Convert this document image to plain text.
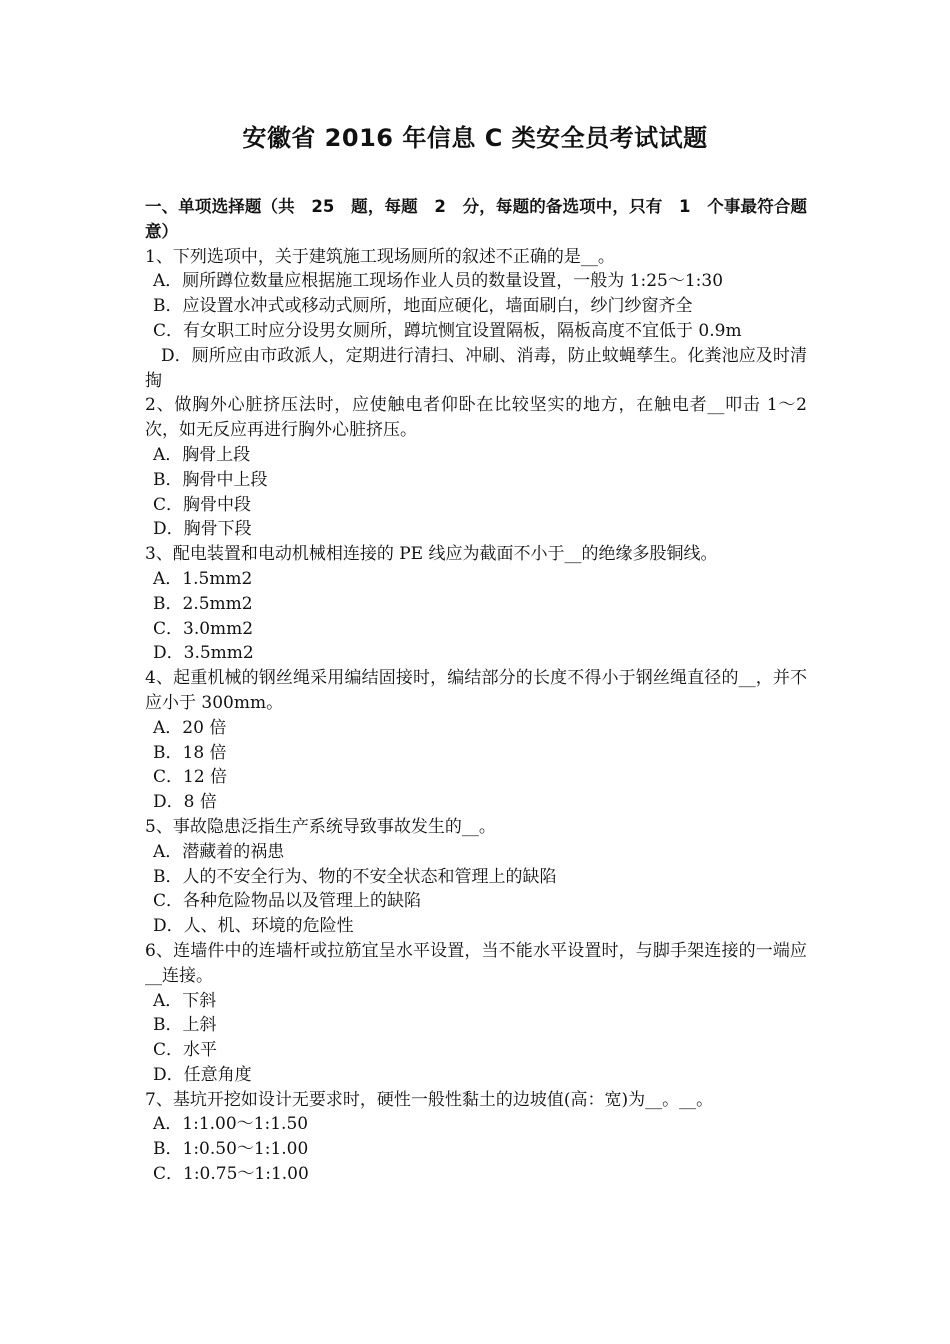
安徽省 2016 年信息 C 类安全员考试试题
一、单项选择题（共　25　题，每题　2　分，每题的备选项中，只有　1　个事最符合题意）

1、下列选项中，关于建筑施工现场厕所的叙述不正确的是__。

A．厕所蹲位数量应根据施工现场作业人员的数量设置，一般为 1:25～1:30

B．应设置水冲式或移动式厕所，地面应硬化，墙面刷白，纱门纱窗齐全

C．有女职工时应分设男女厕所，蹲坑恻宜设置隔板，隔板高度不宜低于 0.9m

D．厕所应由市政派人，定期进行清扫、冲刷、消毒，防止蚊蝇孳生。化粪池应及时清掏

2、做胸外心脏挤压法时，应使触电者仰卧在比较坚实的地方，在触电者__叩击 1～2 次，如无反应再进行胸外心脏挤压。

A．胸骨上段

B．胸骨中上段

C．胸骨中段

D．胸骨下段

3、配电装置和电动机械相连接的 PE 线应为截面不小于__的绝缘多股铜线。

A．1.5mm2

B．2.5mm2

C．3.0mm2

D．3.5mm2

4、起重机械的钢丝绳采用编结固接时，编结部分的长度不得小于钢丝绳直径的__，并不应小于 300mm。

A．20 倍

B．18 倍

C．12 倍

D．8 倍

5、事故隐患泛指生产系统导致事故发生的__。

A．潜藏着的祸患

B．人的不安全行为、物的不安全状态和管理上的缺陷

C．各种危险物品以及管理上的缺陷

D．人、机、环境的危险性

6、连墙件中的连墙杆或拉筋宜呈水平设置，当不能水平设置时，与脚手架连接的一端应__连接。

A．下斜

B．上斜

C．水平

D．任意角度

7、基坑开挖如设计无要求时，硬性一般性黏土的边坡值(高：宽)为__。__。

A．1:1.00～1:1.50

B．1:0.50～1:1.00

C．1:0.75～1:1.00
